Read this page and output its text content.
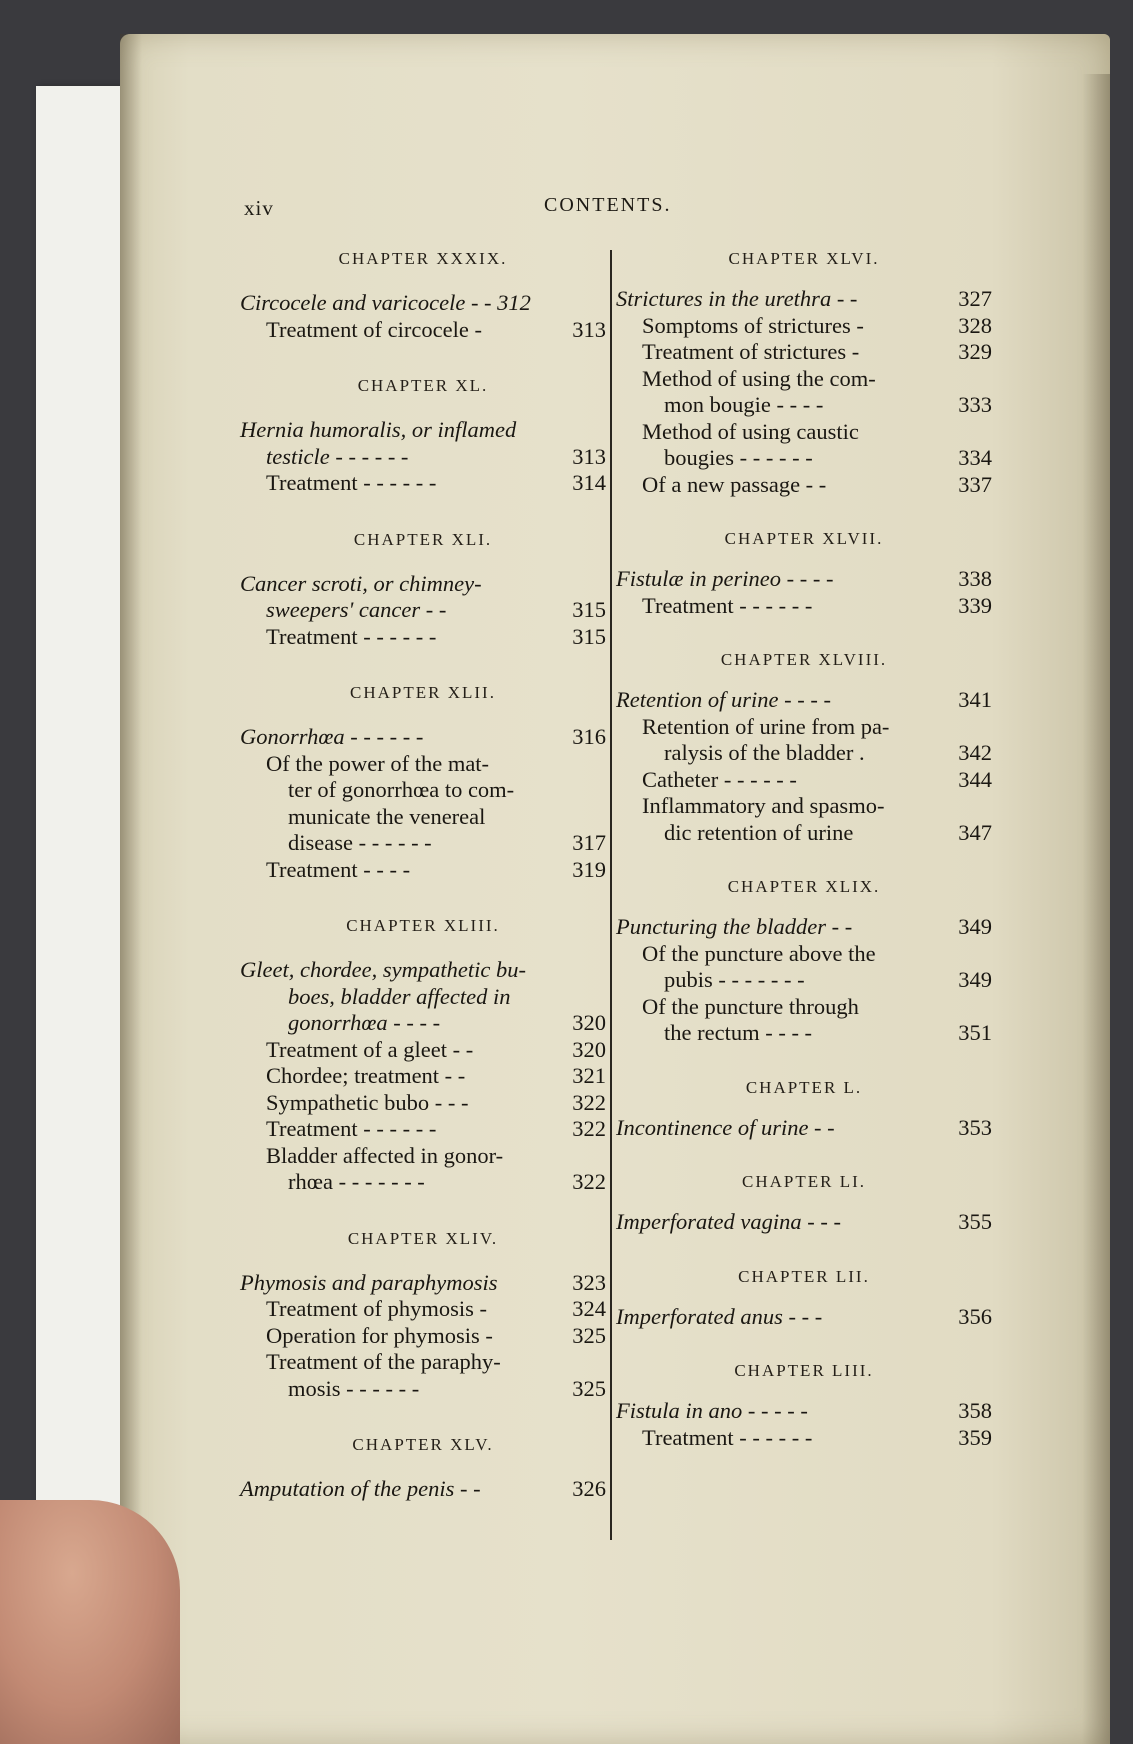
xiv	CONTENTS.
CHAPTER XXXIX.
Circocele and varicocele - - 312
Treatment of circocele -	313
CHAPTER XL.
Hernia humoralis, or inflamed
testicle - - - - - -	313
Treatment - - - - - -	314
CHAPTER XLI.
Cancer scroti, or chimney-
sweepers' cancer - -	315
Treatment - - - - - -	315
CHAPTER XLII.
Gonorrhœa - - - - - -	316
Of the power of the mat-
ter of gonorrhœa to com-
municate the venereal
disease - - - - - -	317
Treatment - - - -	319
CHAPTER XLIII.
Gleet, chordee, sympathetic bu-
boes, bladder affected in
gonorrhœa - - - -	320
Treatment of a gleet - -	320
Chordee; treatment - -	321
Sympathetic bubo - - -	322
Treatment - - - - - -	322
Bladder affected in gonor-
rhœa - - - - - - -	322
CHAPTER XLIV.
Phymosis and paraphymosis	323
Treatment of phymosis -	324
Operation for phymosis -	325
Treatment of the paraphy-
mosis - - - - - -	325
CHAPTER XLV.
Amputation of the penis - -	326
CHAPTER XLVI.
Strictures in the urethra - -	327
Somptoms of strictures -	328
Treatment of strictures -	329
Method of using the com-
mon bougie - - - -	333
Method of using caustic
bougies - - - - - -	334
Of a new passage - -	337
CHAPTER XLVII.
Fistulæ in perineo - - - -	338
Treatment - - - - - -	339
CHAPTER XLVIII.
Retention of urine - - - -	341
Retention of urine from pa-
ralysis of the bladder .	342
Catheter - - - - - -	344
Inflammatory and spasmo-
dic retention of urine	347
CHAPTER XLIX.
Puncturing the bladder - -	349
Of the puncture above the
pubis - - - - - - -	349
Of the puncture through
the rectum - - - -	351
CHAPTER L.
Incontinence of urine - -	353
CHAPTER LI.
Imperforated vagina - - -	355
CHAPTER LII.
Imperforated anus - - -	356
CHAPTER LIII.
Fistula in ano - - - - -	358
Treatment - - - - - -	359
